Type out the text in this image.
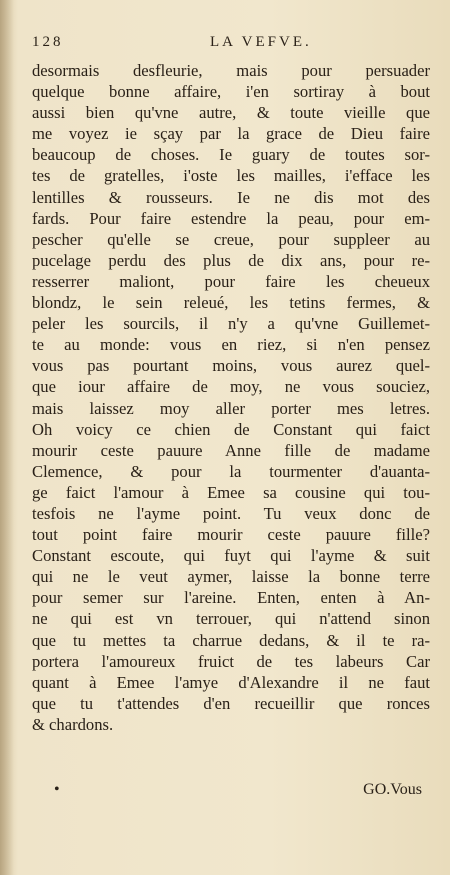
128	LA VEFVE.
desormais desfleurie, mais pour persuader
quelque bonne affaire, i'en sortiray à bout
aussi bien qu'vne autre, & toute vieille que
me voyez ie sçay par la grace de Dieu faire
beaucoup de choses. Ie guary de toutes sor-
tes de gratelles, i'oste les mailles, i'efface les
lentilles & rousseurs. Ie ne dis mot des
fards. Pour faire estendre la peau, pour em-
pescher qu'elle se creue, pour suppleer au
pucelage perdu des plus de dix ans, pour re-
resserrer maliont, pour faire les cheueux
blondz, le sein releué, les tetins fermes, &
peler les sourcils, il n'y a qu'vne Guillemet-
te au monde: vous en riez, si n'en pensez
vous pas pourtant moins, vous aurez quel-
que iour affaire de moy, ne vous souciez,
mais laissez moy aller porter mes letres.
Oh voicy ce chien de Constant qui faict
mourir ceste pauure Anne fille de madame
Clemence, & pour la tourmenter d'auanta-
ge faict l'amour à Emee sa cousine qui tou-
tesfois ne l'ayme point. Tu veux donc de
tout point faire mourir ceste pauure fille?
Constant escoute, qui fuyt qui l'ayme & suit
qui ne le veut aymer, laisse la bonne terre
pour semer sur l'areine. Enten, enten à An-
ne qui est vn terrouer, qui n'attend sinon
que tu mettes ta charrue dedans, & il te ra-
portera l'amoureux fruict de tes labeurs Car
quant à Emee l'amye d'Alexandre il ne faut
que tu t'attendes d'en recueillir que ronces
& chardons.
•	GO.Vous
